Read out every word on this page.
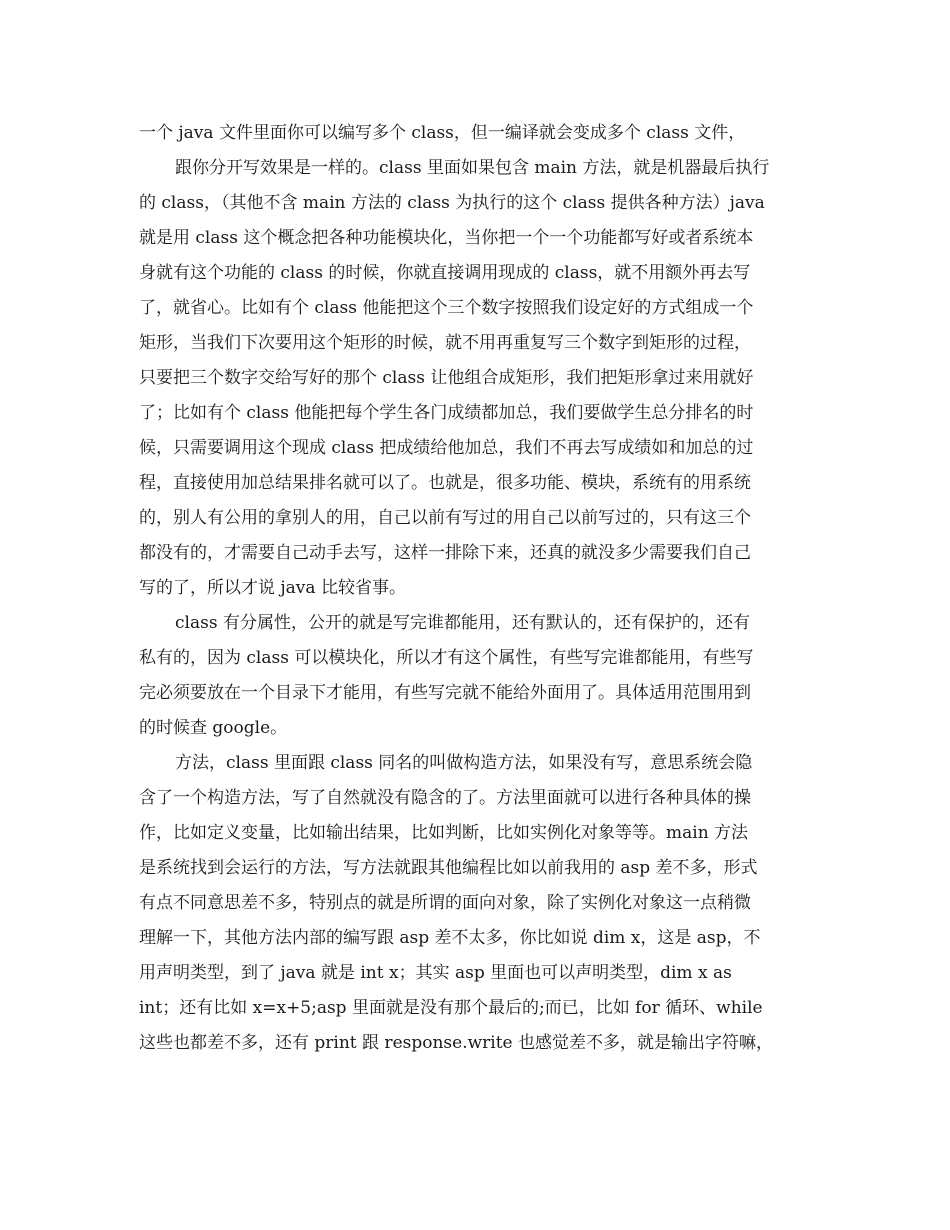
一个 java 文件里面你可以编写多个 class，但一编译就会变成多个 class 文件，
跟你分开写效果是一样的。class 里面如果包含 main 方法，就是机器最后执行
的 class，（其他不含 main 方法的 class 为执行的这个 class 提供各种方法）java
就是用 class 这个概念把各种功能模块化，当你把一个一个功能都写好或者系统本
身就有这个功能的 class 的时候，你就直接调用现成的 class，就不用额外再去写
了，就省心。比如有个 class 他能把这个三个数字按照我们设定好的方式组成一个
矩形，当我们下次要用这个矩形的时候，就不用再重复写三个数字到矩形的过程，
只要把三个数字交给写好的那个 class 让他组合成矩形，我们把矩形拿过来用就好
了；比如有个 class 他能把每个学生各门成绩都加总，我们要做学生总分排名的时
候，只需要调用这个现成 class 把成绩给他加总，我们不再去写成绩如和加总的过
程，直接使用加总结果排名就可以了。也就是，很多功能、模块，系统有的用系统
的，别人有公用的拿别人的用，自己以前有写过的用自己以前写过的，只有这三个
都没有的，才需要自己动手去写，这样一排除下来，还真的就没多少需要我们自己
写的了，所以才说 java 比较省事。
class 有分属性，公开的就是写完谁都能用，还有默认的，还有保护的，还有
私有的，因为 class 可以模块化，所以才有这个属性，有些写完谁都能用，有些写
完必须要放在一个目录下才能用，有些写完就不能给外面用了。具体适用范围用到
的时候查 google。
方法，class 里面跟 class 同名的叫做构造方法，如果没有写，意思系统会隐
含了一个构造方法，写了自然就没有隐含的了。方法里面就可以进行各种具体的操
作，比如定义变量，比如输出结果，比如判断，比如实例化对象等等。main 方法
是系统找到会运行的方法，写方法就跟其他编程比如以前我用的 asp 差不多，形式
有点不同意思差不多，特别点的就是所谓的面向对象，除了实例化对象这一点稍微
理解一下，其他方法内部的编写跟 asp 差不太多，你比如说 dim x，这是 asp，不
用声明类型，到了 java 就是 int x；其实 asp 里面也可以声明类型，dim x as
int；还有比如 x=x+5;asp 里面就是没有那个最后的;而已，比如 for 循环、while
这些也都差不多，还有 print 跟 response.write 也感觉差不多，就是输出字符嘛，
